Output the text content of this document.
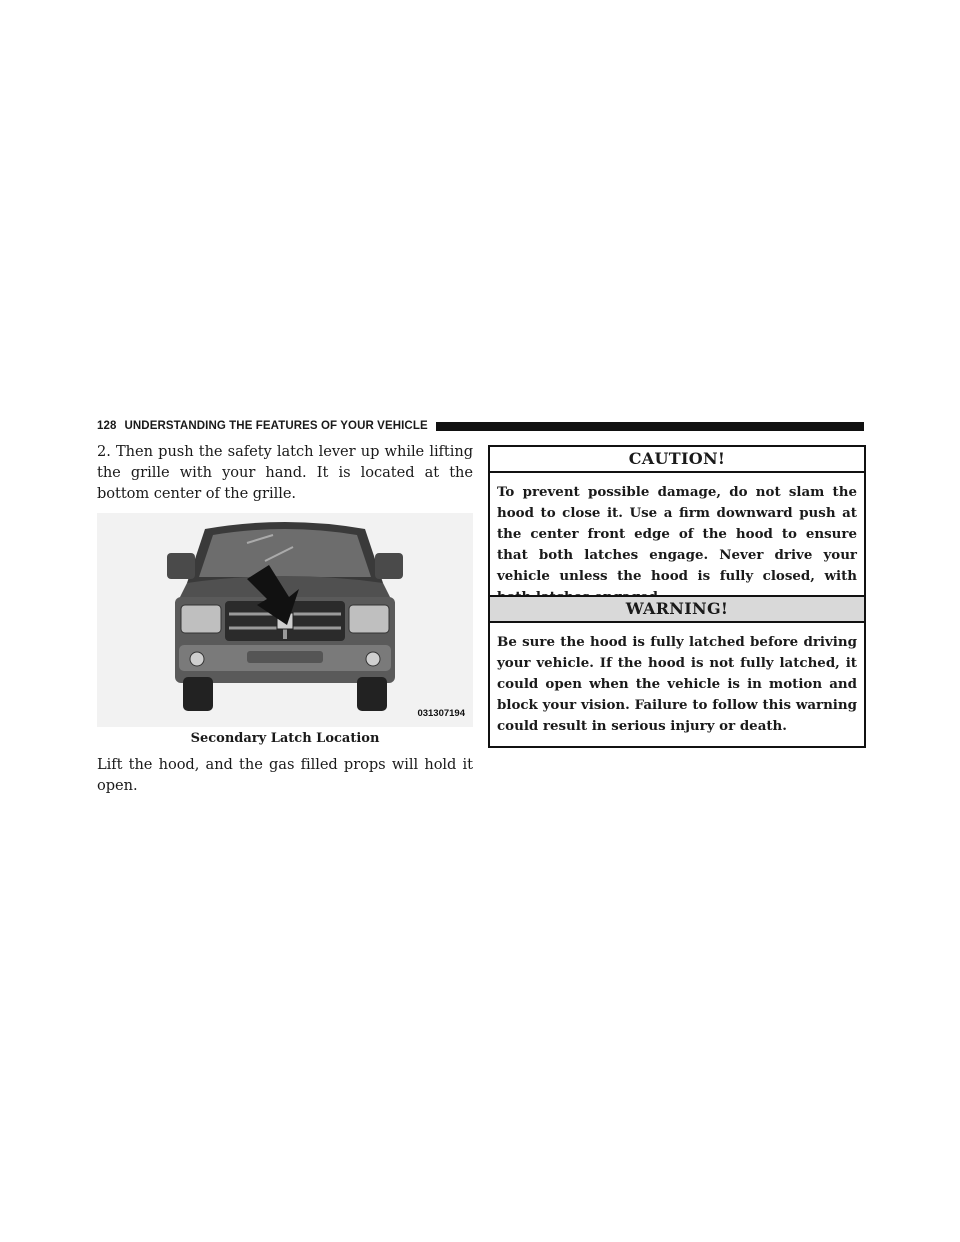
128 UNDERSTANDING THE FEATURES OF YOUR VEHICLE

2. Then push the safety latch lever up while lifting the grille with your hand. It is located at the bottom center of the grille.

031307194

Secondary Latch Location

Lift the hood, and the gas filled props will hold it open.

CAUTION!
To prevent possible damage, do not slam the hood to close it. Use a firm downward push at the center front edge of the hood to ensure that both latches engage. Never drive your vehicle unless the hood is fully closed, with
WARNING!
Be sure the hood is fully latched before driving your vehicle. If the hood is not fully latched, it could open when the vehicle is in motion and block your vision. Failure to follow this warning could result in serious injury or death.
